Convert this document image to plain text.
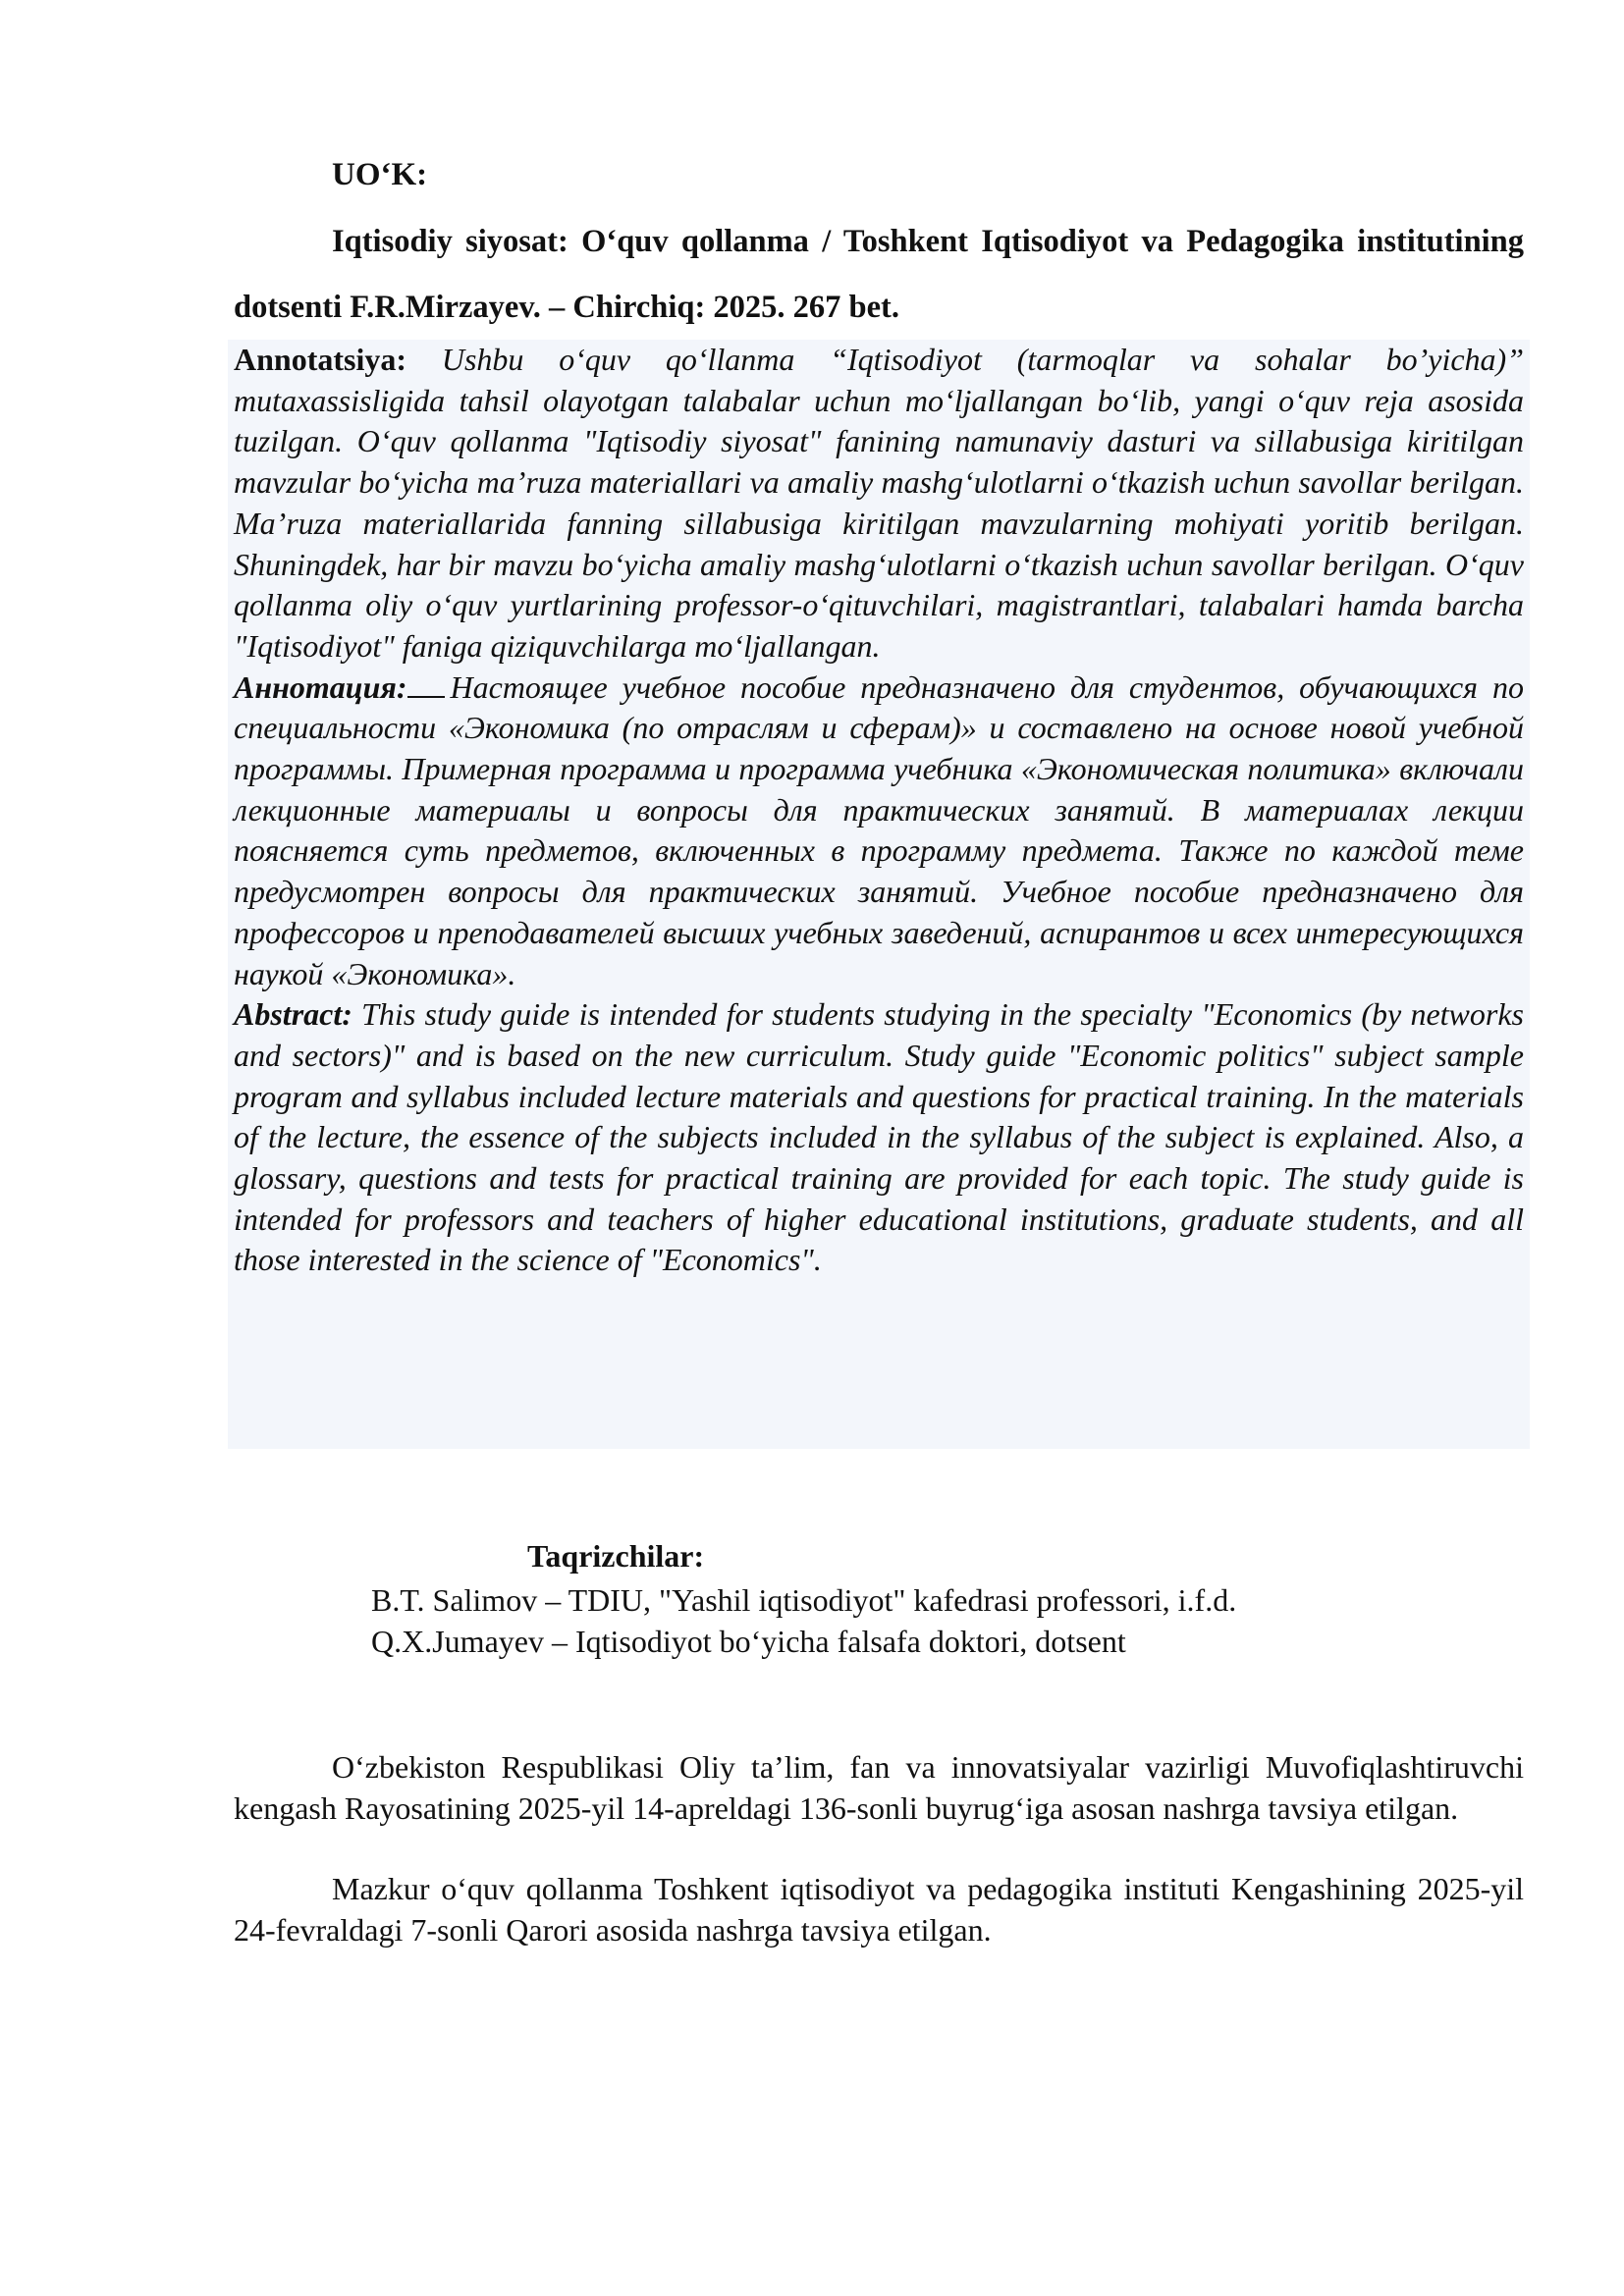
UO‘K:

Iqtisodiy siyosat: O‘quv qollanma / Toshkent Iqtisodiyot va Pedagogika institutining dotsenti F.R.Mirzayev. – Chirchiq: 2025. 267 bet.

Annotatsiya: Ushbu o‘quv qo‘llanma “Iqtisodiyot (tarmoqlar va sohalar bo’yicha)” mutaxassisligida tahsil olayotgan talabalar uchun mo‘ljallangan bo‘lib, yangi o‘quv reja asosida tuzilgan. O‘quv qollanma "Iqtisodiy siyosat" fanining namunaviy dasturi va sillabusiga kiritilgan mavzular bo‘yicha ma’ruza materiallari va amaliy mashg‘ulotlarni o‘tkazish uchun savollar berilgan. Ma’ruza materiallarida fanning sillabusiga kiritilgan mavzularning mohiyati yoritib berilgan. Shuningdek, har bir mavzu bo‘yicha amaliy mashg‘ulotlarni o‘tkazish uchun savollar berilgan. O‘quv qollanma oliy o‘quv yurtlarining professor-o‘qituvchilari, magistrantlari, talabalari hamda barcha "Iqtisodiyot" faniga qiziquvchilarga mo‘ljallangan.

Аннотация: Настоящее учебное пособие предназначено для студентов, обучающихся по специальности «Экономика (по отраслям и сферам)» и составлено на основе новой учебной программы. Примерная программа и программа учебника «Экономическая политика» включали лекционные материалы и вопросы для практических занятий. В материалах лекции поясняется суть предметов, включенных в программу предмета. Также по каждой теме предусмотрен вопросы для практических занятий. Учебное пособие предназначено для профессоров и преподавателей высших учебных заведений, аспирантов и всех интересующихся наукой «Экономика».

Abstract: This study guide is intended for students studying in the specialty "Economics (by networks and sectors)" and is based on the new curriculum. Study guide "Economic politics" subject sample program and syllabus included lecture materials and questions for practical training. In the materials of the lecture, the essence of the subjects included in the syllabus of the subject is explained. Also, a glossary, questions and tests for practical training are provided for each topic. The study guide is intended for professors and teachers of higher educational institutions, graduate students, and all those interested in the science of "Economics".

Taqrizchilar:

B.T. Salimov – TDIU, "Yashil iqtisodiyot" kafedrasi professori, i.f.d.

Q.X.Jumayev – Iqtisodiyot bo‘yicha falsafa doktori, dotsent

O‘zbekiston Respublikasi Oliy ta’lim, fan va innovatsiyalar vazirligi Muvofiqlashtiruvchi kengash Rayosatining 2025-yil 14-apreldagi 136-sonli buyrug‘iga asosan nashrga tavsiya etilgan.

Mazkur o‘quv qollanma Toshkent iqtisodiyot va pedagogika instituti Kengashining 2025-yil 24-fevraldagi 7-sonli Qarori asosida nashrga tavsiya etilgan.
